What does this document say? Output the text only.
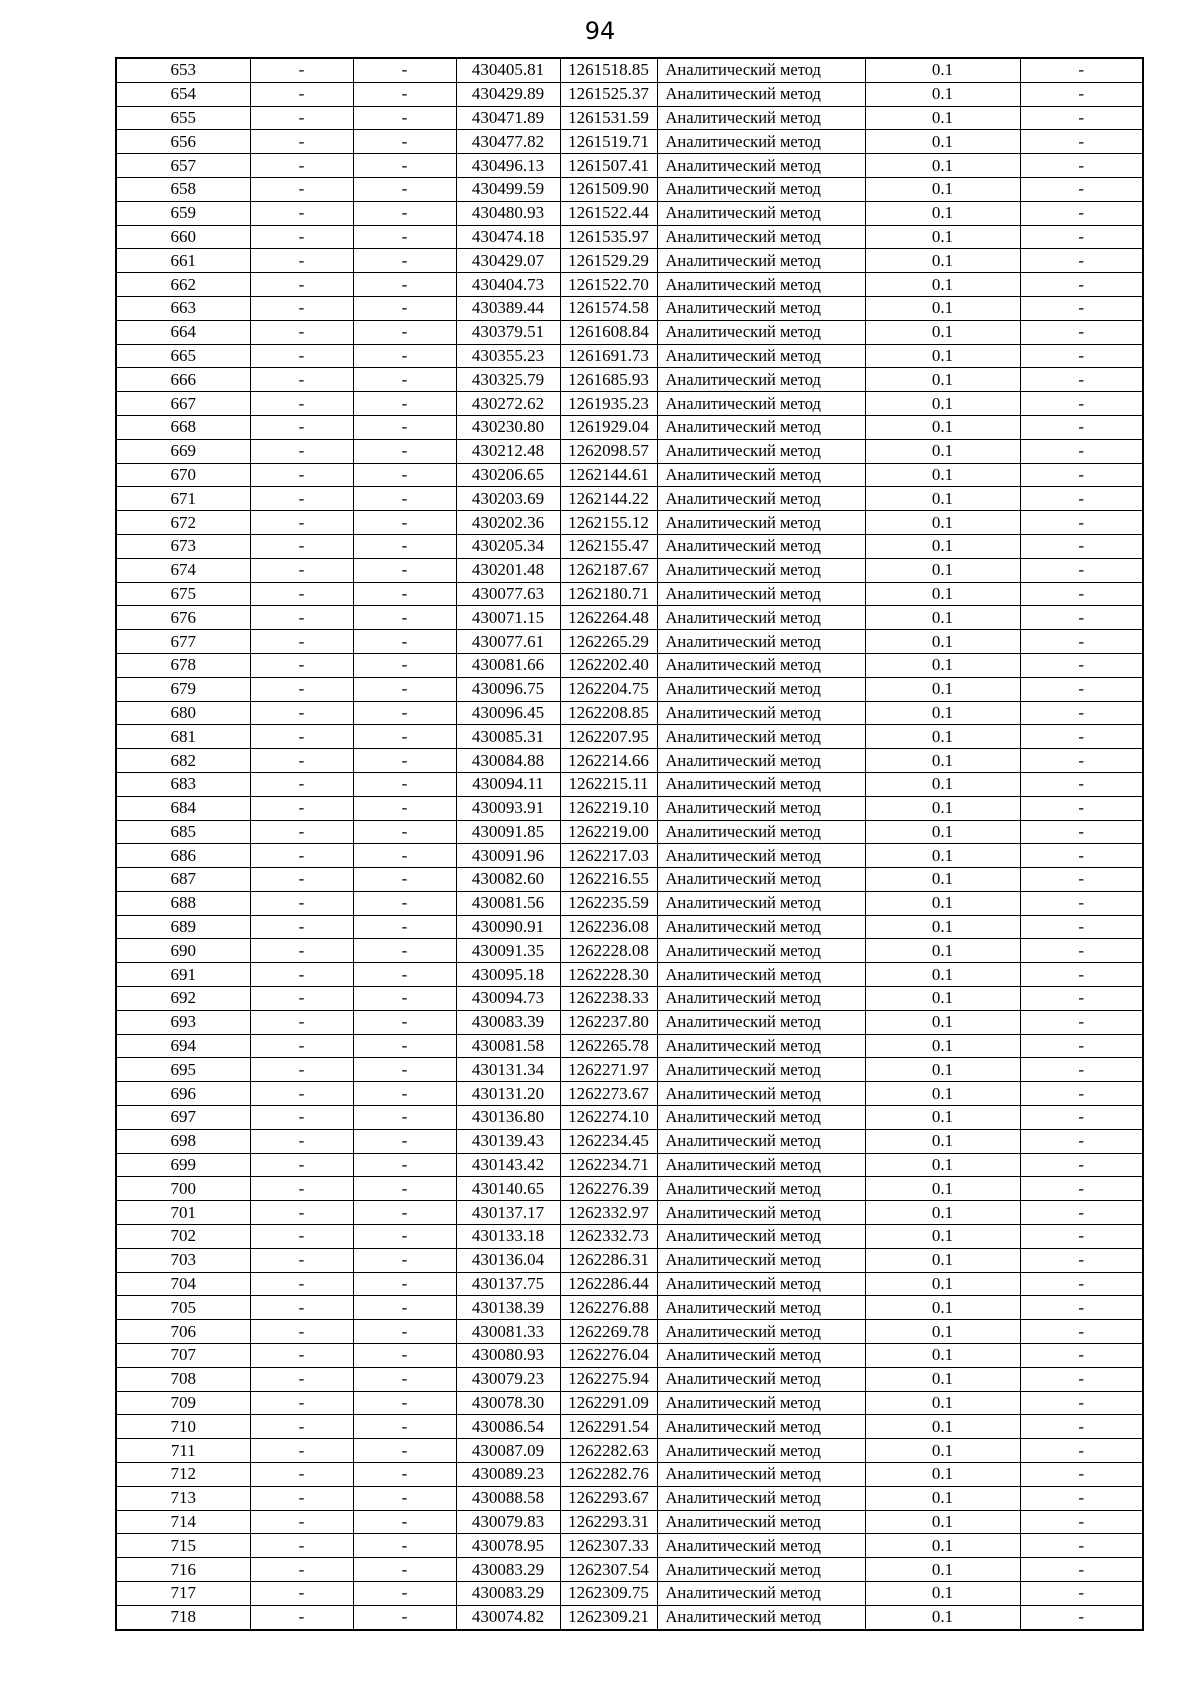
94
653	-	-	430405.81	1261518.85	Аналитический метод	0.1	-
654	-	-	430429.89	1261525.37	Аналитический метод	0.1	-
655	-	-	430471.89	1261531.59	Аналитический метод	0.1	-
656	-	-	430477.82	1261519.71	Аналитический метод	0.1	-
657	-	-	430496.13	1261507.41	Аналитический метод	0.1	-
658	-	-	430499.59	1261509.90	Аналитический метод	0.1	-
659	-	-	430480.93	1261522.44	Аналитический метод	0.1	-
660	-	-	430474.18	1261535.97	Аналитический метод	0.1	-
661	-	-	430429.07	1261529.29	Аналитический метод	0.1	-
662	-	-	430404.73	1261522.70	Аналитический метод	0.1	-
663	-	-	430389.44	1261574.58	Аналитический метод	0.1	-
664	-	-	430379.51	1261608.84	Аналитический метод	0.1	-
665	-	-	430355.23	1261691.73	Аналитический метод	0.1	-
666	-	-	430325.79	1261685.93	Аналитический метод	0.1	-
667	-	-	430272.62	1261935.23	Аналитический метод	0.1	-
668	-	-	430230.80	1261929.04	Аналитический метод	0.1	-
669	-	-	430212.48	1262098.57	Аналитический метод	0.1	-
670	-	-	430206.65	1262144.61	Аналитический метод	0.1	-
671	-	-	430203.69	1262144.22	Аналитический метод	0.1	-
672	-	-	430202.36	1262155.12	Аналитический метод	0.1	-
673	-	-	430205.34	1262155.47	Аналитический метод	0.1	-
674	-	-	430201.48	1262187.67	Аналитический метод	0.1	-
675	-	-	430077.63	1262180.71	Аналитический метод	0.1	-
676	-	-	430071.15	1262264.48	Аналитический метод	0.1	-
677	-	-	430077.61	1262265.29	Аналитический метод	0.1	-
678	-	-	430081.66	1262202.40	Аналитический метод	0.1	-
679	-	-	430096.75	1262204.75	Аналитический метод	0.1	-
680	-	-	430096.45	1262208.85	Аналитический метод	0.1	-
681	-	-	430085.31	1262207.95	Аналитический метод	0.1	-
682	-	-	430084.88	1262214.66	Аналитический метод	0.1	-
683	-	-	430094.11	1262215.11	Аналитический метод	0.1	-
684	-	-	430093.91	1262219.10	Аналитический метод	0.1	-
685	-	-	430091.85	1262219.00	Аналитический метод	0.1	-
686	-	-	430091.96	1262217.03	Аналитический метод	0.1	-
687	-	-	430082.60	1262216.55	Аналитический метод	0.1	-
688	-	-	430081.56	1262235.59	Аналитический метод	0.1	-
689	-	-	430090.91	1262236.08	Аналитический метод	0.1	-
690	-	-	430091.35	1262228.08	Аналитический метод	0.1	-
691	-	-	430095.18	1262228.30	Аналитический метод	0.1	-
692	-	-	430094.73	1262238.33	Аналитический метод	0.1	-
693	-	-	430083.39	1262237.80	Аналитический метод	0.1	-
694	-	-	430081.58	1262265.78	Аналитический метод	0.1	-
695	-	-	430131.34	1262271.97	Аналитический метод	0.1	-
696	-	-	430131.20	1262273.67	Аналитический метод	0.1	-
697	-	-	430136.80	1262274.10	Аналитический метод	0.1	-
698	-	-	430139.43	1262234.45	Аналитический метод	0.1	-
699	-	-	430143.42	1262234.71	Аналитический метод	0.1	-
700	-	-	430140.65	1262276.39	Аналитический метод	0.1	-
701	-	-	430137.17	1262332.97	Аналитический метод	0.1	-
702	-	-	430133.18	1262332.73	Аналитический метод	0.1	-
703	-	-	430136.04	1262286.31	Аналитический метод	0.1	-
704	-	-	430137.75	1262286.44	Аналитический метод	0.1	-
705	-	-	430138.39	1262276.88	Аналитический метод	0.1	-
706	-	-	430081.33	1262269.78	Аналитический метод	0.1	-
707	-	-	430080.93	1262276.04	Аналитический метод	0.1	-
708	-	-	430079.23	1262275.94	Аналитический метод	0.1	-
709	-	-	430078.30	1262291.09	Аналитический метод	0.1	-
710	-	-	430086.54	1262291.54	Аналитический метод	0.1	-
711	-	-	430087.09	1262282.63	Аналитический метод	0.1	-
712	-	-	430089.23	1262282.76	Аналитический метод	0.1	-
713	-	-	430088.58	1262293.67	Аналитический метод	0.1	-
714	-	-	430079.83	1262293.31	Аналитический метод	0.1	-
715	-	-	430078.95	1262307.33	Аналитический метод	0.1	-
716	-	-	430083.29	1262307.54	Аналитический метод	0.1	-
717	-	-	430083.29	1262309.75	Аналитический метод	0.1	-
718	-	-	430074.82	1262309.21	Аналитический метод	0.1	-
